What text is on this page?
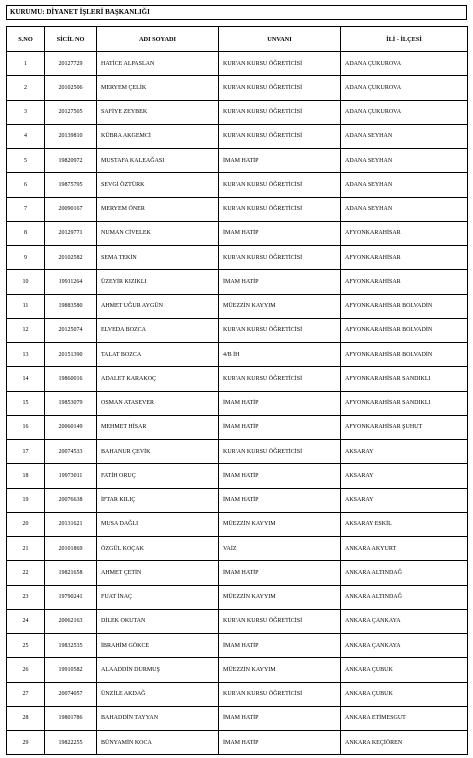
KURUMU: DİYANET İŞLERİ BAŞKANLIĞI
S.NO	SİCİL NO	ADI SOYADI	UNVANI	İLİ - İLÇESİ
1	20127729	HATİCE ALPASLAN	KUR'AN KURSU ÖĞRETİCİSİ	ADANA ÇUKUROVA
2	20102506	MERYEM ÇELİK	KUR'AN KURSU ÖĞRETİCİSİ	ADANA ÇUKUROVA
3	20127505	SAFİYE ZEYBEK	KUR'AN KURSU ÖĞRETİCİSİ	ADANA ÇUKUROVA
4	20139810	KÜBRA AKGEMCİ	KUR'AN KURSU ÖĞRETİCİSİ	ADANA SEYHAN
5	19820972	MUSTAFA KALEAĞASI	İMAM HATİP	ADANA SEYHAN
6	19875795	SEVGİ ÖZTÜRK	KUR'AN KURSU ÖĞRETİCİSİ	ADANA SEYHAN
7	20090167	MERYEM ÖNER	KUR'AN KURSU ÖĞRETİCİSİ	ADANA SEYHAN
8	20129771	NUMAN CİVELEK	İMAM HATİP	AFYONKARAHİSAR
9	20102582	SEMA TEKİN	KUR'AN KURSU ÖĞRETİCİSİ	AFYONKARAHİSAR
10	19911264	ÜZEYİR KIZIKLI	İMAM HATİP	AFYONKARAHİSAR
11	19883580	AHMET UĞUR AYGÜN	MÜEZZİN KAYYIM	AFYONKARAHİSAR BOLVADİN
12	20125074	ELVEDA BOZCA	KUR'AN KURSU ÖĞRETİCİSİ	AFYONKARAHİSAR BOLVADİN
13	20151390	TALAT BOZCA	4/B İH	AFYONKARAHİSAR BOLVADİN
14	19860016	ADALET KARAKOÇ	KUR'AN KURSU ÖĞRETİCİSİ	AFYONKARAHİSAR SANDIKLI
15	19853079	OSMAN ATASEVER	İMAM HATİP	AFYONKARAHİSAR SANDIKLI
16	20060149	MEHMET HİSAR	İMAM HATİP	AFYONKARAHİSAR ŞUHUT
17	20074533	BAHANUR ÇEVİK	KUR'AN KURSU ÖĞRETİCİSİ	AKSARAY
18	19973011	FATİH ORUÇ	İMAM HATİP	AKSARAY
19	20076638	İFTAR KILIÇ	İMAM HATİP	AKSARAY
20	20131621	MUSA DAĞLI	MÜEZZİN KAYYIM	AKSARAY ESKİL
21	20101869	ÖZGÜL KOÇAK	VAİZ	ANKARA AKYURT
22	19821658	AHMET ÇETİN	İMAM HATİP	ANKARA ALTINDAĞ
23	19790241	FUAT İNAÇ	MÜEZZİN KAYYIM	ANKARA ALTINDAĞ
24	20062163	DİLEK OKUTAN	KUR'AN KURSU ÖĞRETİCİSİ	ANKARA ÇANKAYA
25	19832535	İBRAHİM GÖKCE	İMAM HATİP	ANKARA ÇANKAYA
26	19910582	ALAADDİN DURMUŞ	MÜEZZİN KAYYIM	ANKARA ÇUBUK
27	20074057	ÜNZİLE AKDAĞ	KUR'AN KURSU ÖĞRETİCİSİ	ANKARA ÇUBUK
28	19801786	BAHADDİN TAYYAN	İMAM HATİP	ANKARA ETİMESGUT
29	19822255	BÜNYAMİN KOCA	İMAM HATİP	ANKARA KEÇİÖREN
